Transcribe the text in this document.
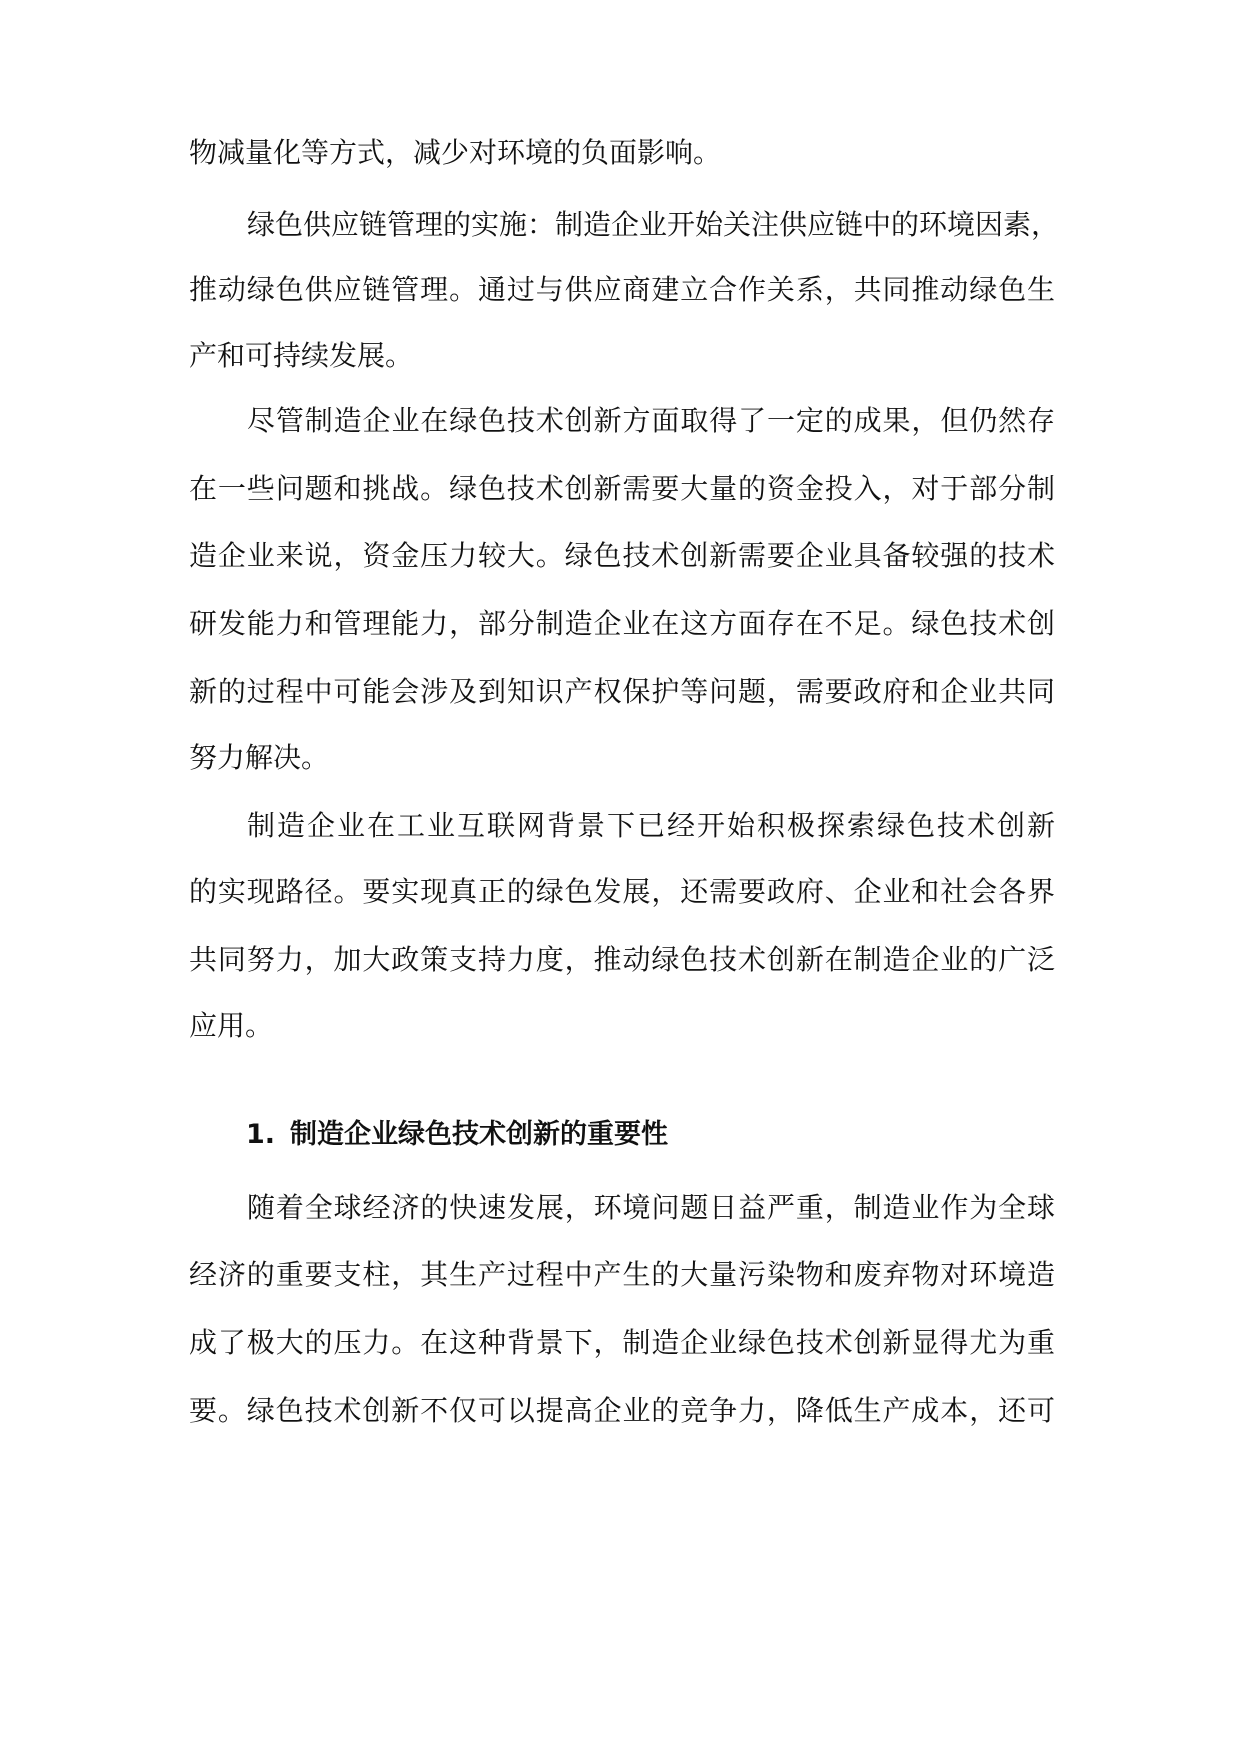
物减量化等方式，减少对环境的负面影响。
绿色供应链管理的实施：制造企业开始关注供应链中的环境因素，
推动绿色供应链管理。通过与供应商建立合作关系，共同推动绿色生
产和可持续发展。
尽管制造企业在绿色技术创新方面取得了一定的成果，但仍然存
在一些问题和挑战。绿色技术创新需要大量的资金投入，对于部分制
造企业来说，资金压力较大。绿色技术创新需要企业具备较强的技术
研发能力和管理能力，部分制造企业在这方面存在不足。绿色技术创
新的过程中可能会涉及到知识产权保护等问题，需要政府和企业共同
努力解决。
制造企业在工业互联网背景下已经开始积极探索绿色技术创新
的实现路径。要实现真正的绿色发展，还需要政府、企业和社会各界
共同努力，加大政策支持力度，推动绿色技术创新在制造企业的广泛
应用。
随着全球经济的快速发展，环境问题日益严重，制造业作为全球
经济的重要支柱，其生产过程中产生的大量污染物和废弃物对环境造
成了极大的压力。在这种背景下，制造企业绿色技术创新显得尤为重
要。绿色技术创新不仅可以提高企业的竞争力，降低生产成本，还可
1. 制造企业绿色技术创新的重要性
